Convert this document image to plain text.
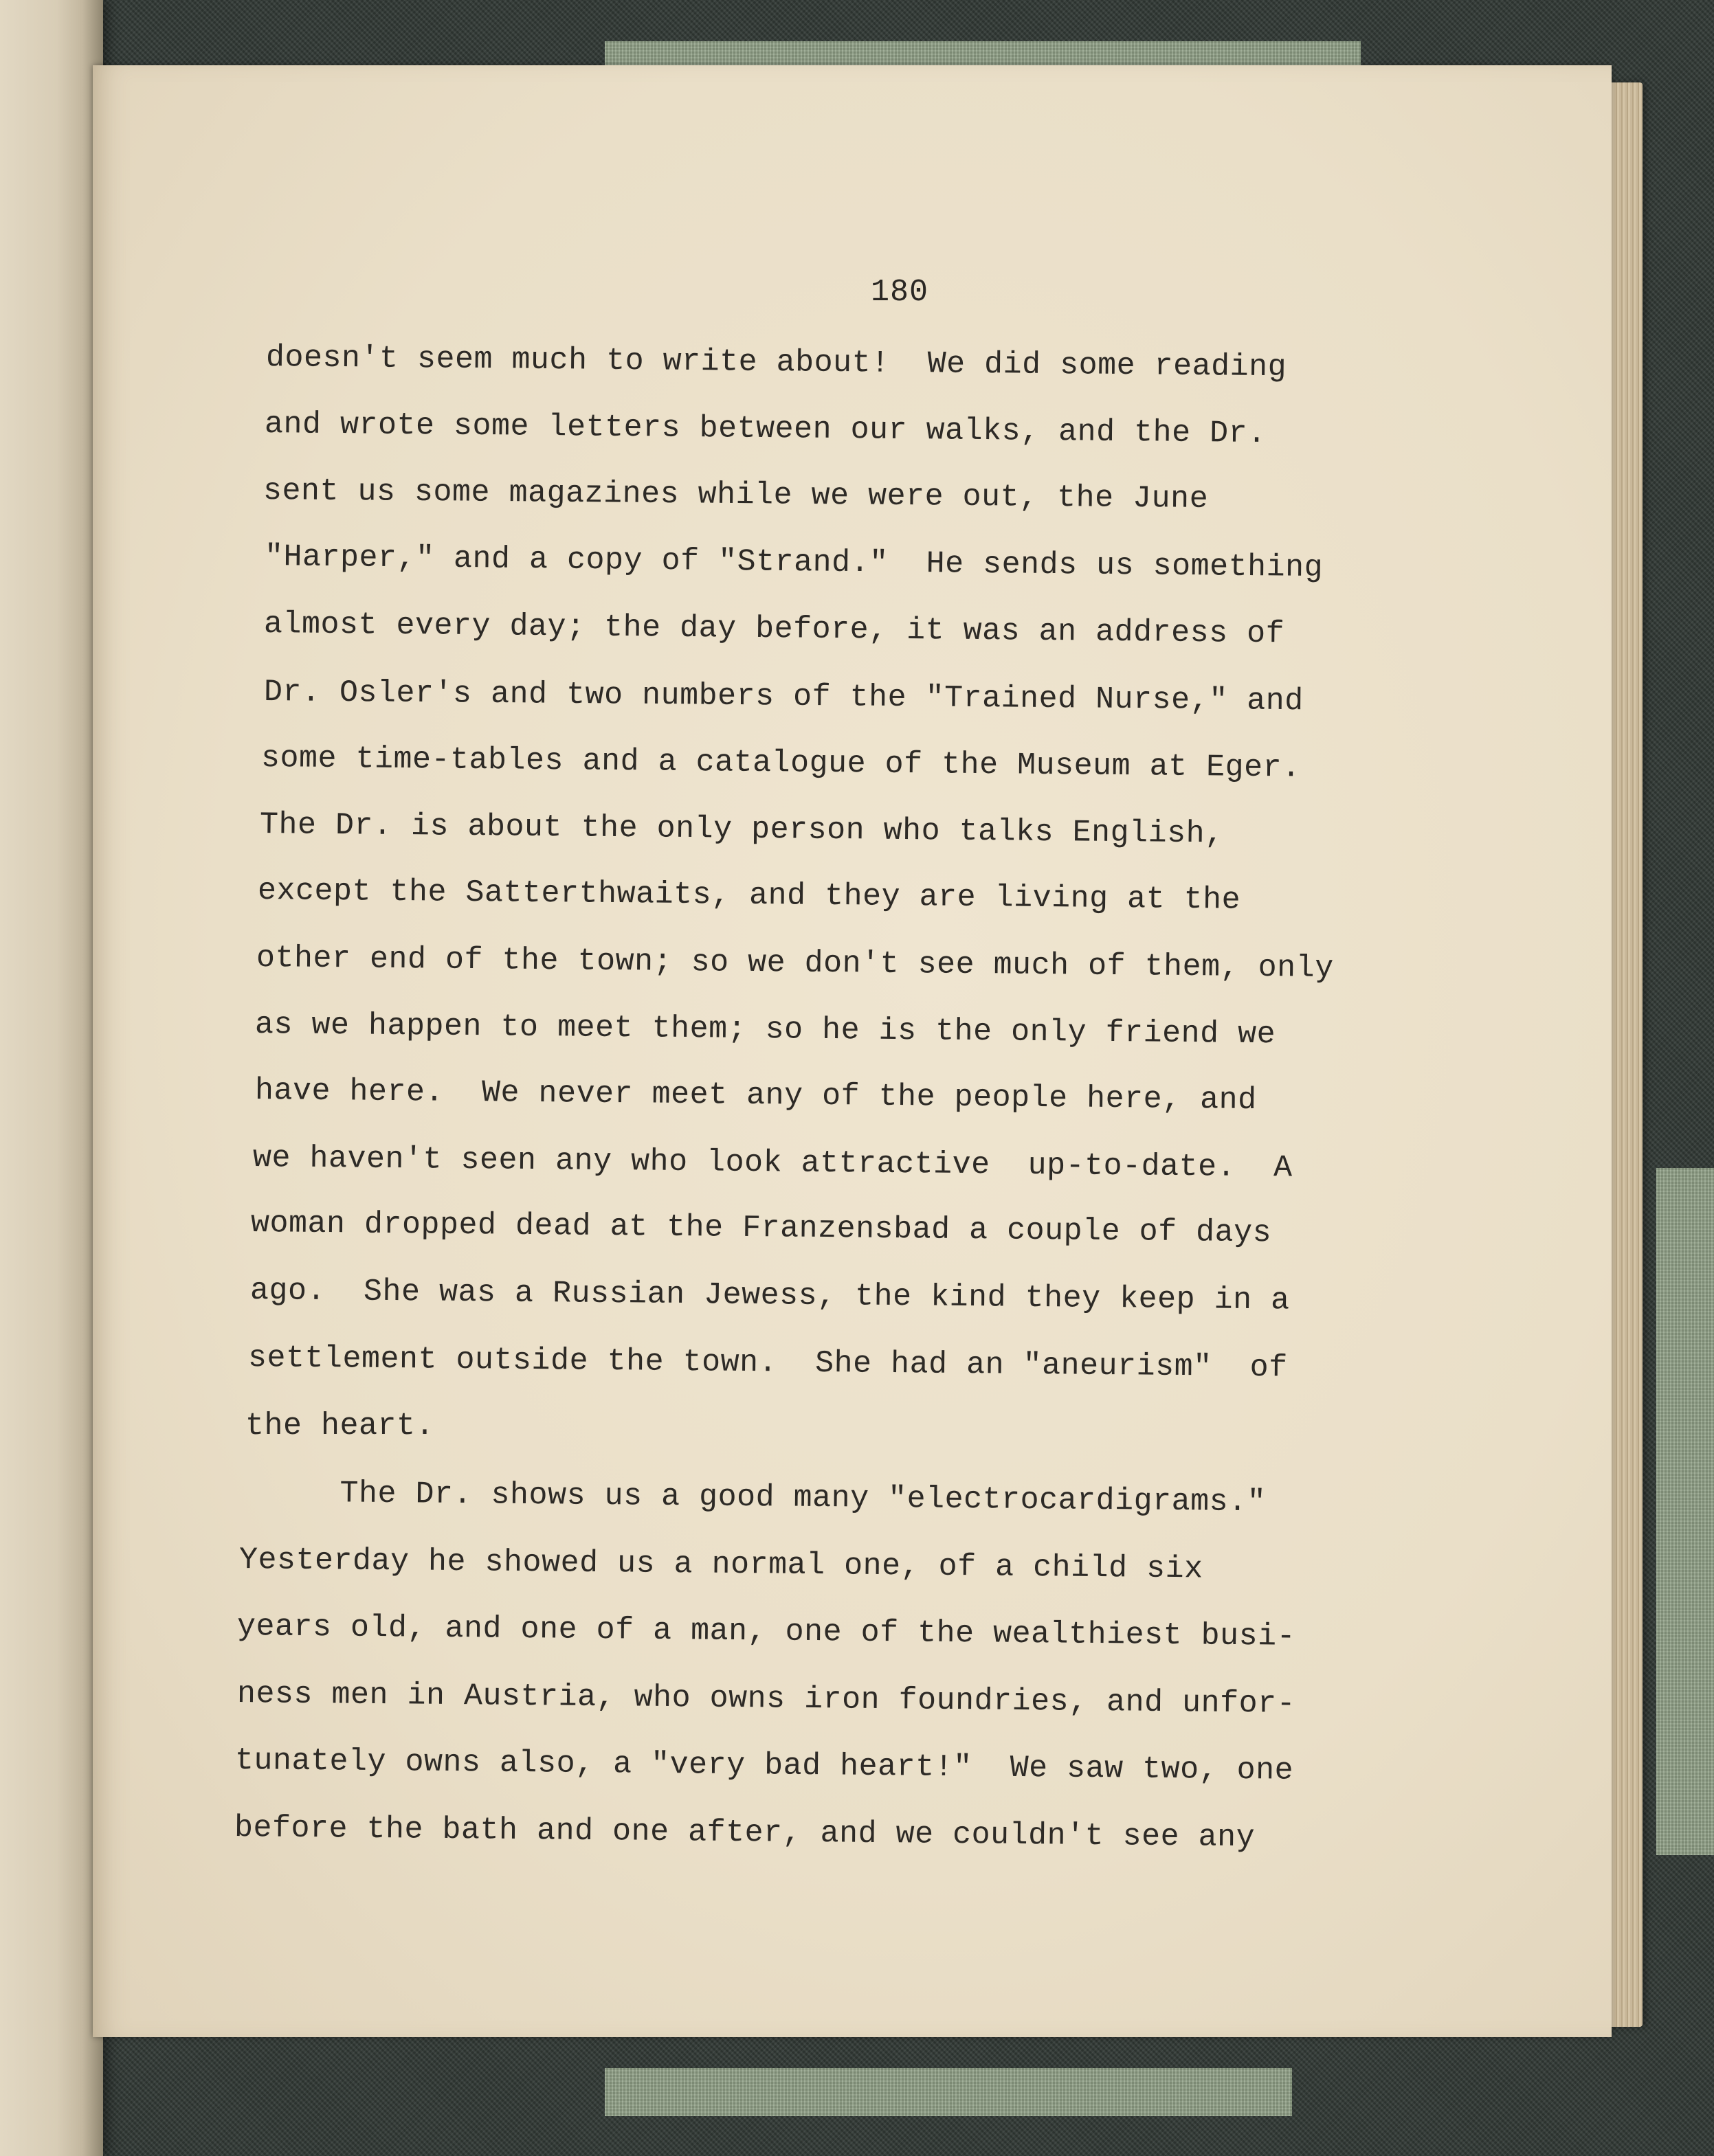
180
doesn't seem much to write about!  We did some reading
and wrote some letters between our walks, and the Dr.
sent us some magazines while we were out, the June
"Harper," and a copy of "Strand."  He sends us something
almost every day; the day before, it was an address of
Dr. Osler's and two numbers of the "Trained Nurse," and
some time-tables and a catalogue of the Museum at Eger.
The Dr. is about the only person who talks English,
except the Satterthwaits, and they are living at the
other end of the town; so we don't see much of them, only
as we happen to meet them; so he is the only friend we
have here.  We never meet any of the people here, and
we haven't seen any who look attractive  up-to-date.  A
woman dropped dead at the Franzensbad a couple of days
ago.  She was a Russian Jewess, the kind they keep in a
settlement outside the town.  She had an "aneurism"  of
the heart.
The Dr. shows us a good many "electrocardigrams."
Yesterday he showed us a normal one, of a child six
years old, and one of a man, one of the wealthiest busi-
ness men in Austria, who owns iron foundries, and unfor-
tunately owns also, a "very bad heart!"  We saw two, one
before the bath and one after, and we couldn't see any
